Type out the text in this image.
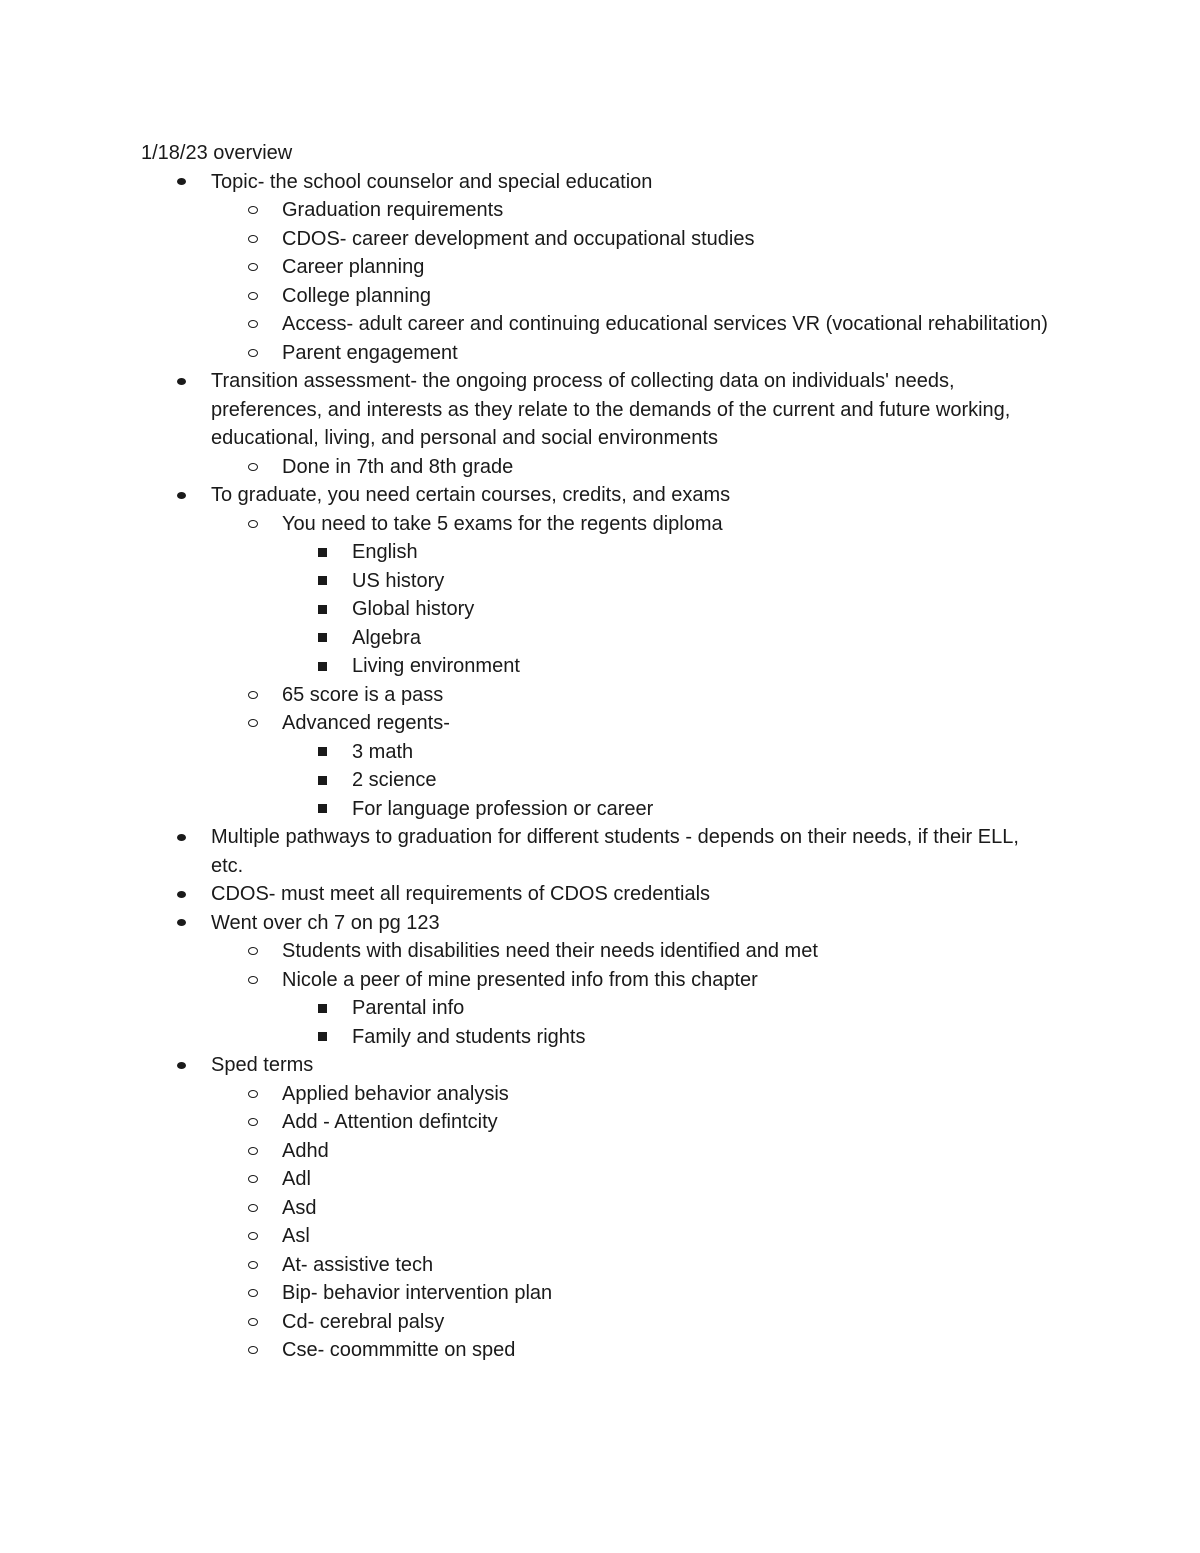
1/18/23 overview

Topic- the school counselor and special education
Graduation requirements
CDOS- career development and occupational studies
Career planning
College planning
Access- adult career and continuing educational services VR (vocational rehabilitation)
Parent engagement
Transition assessment- the ongoing process of collecting data on individuals' needs, preferences, and interests as they relate to the demands of the current and future working, educational, living, and personal and social environments
Done in 7th and 8th grade
To graduate, you need certain courses, credits, and exams
You need to take 5 exams for the regents diploma
English
US history
Global history
Algebra
Living environment
65 score is a pass
Advanced regents-
3 math
2 science
For language profession or career
Multiple pathways to graduation for different students - depends on their needs, if their ELL, etc.
CDOS- must meet all requirements of CDOS credentials
Went over ch 7 on pg 123
Students with disabilities need their needs identified and met
Nicole a peer of mine presented info from this chapter
Parental info
Family and students rights
Sped terms
Applied behavior analysis
Add - Attention defintcity
Adhd
Adl
Asd
Asl
At- assistive tech
Bip- behavior intervention plan
Cd- cerebral palsy
Cse- coommmitte on sped
